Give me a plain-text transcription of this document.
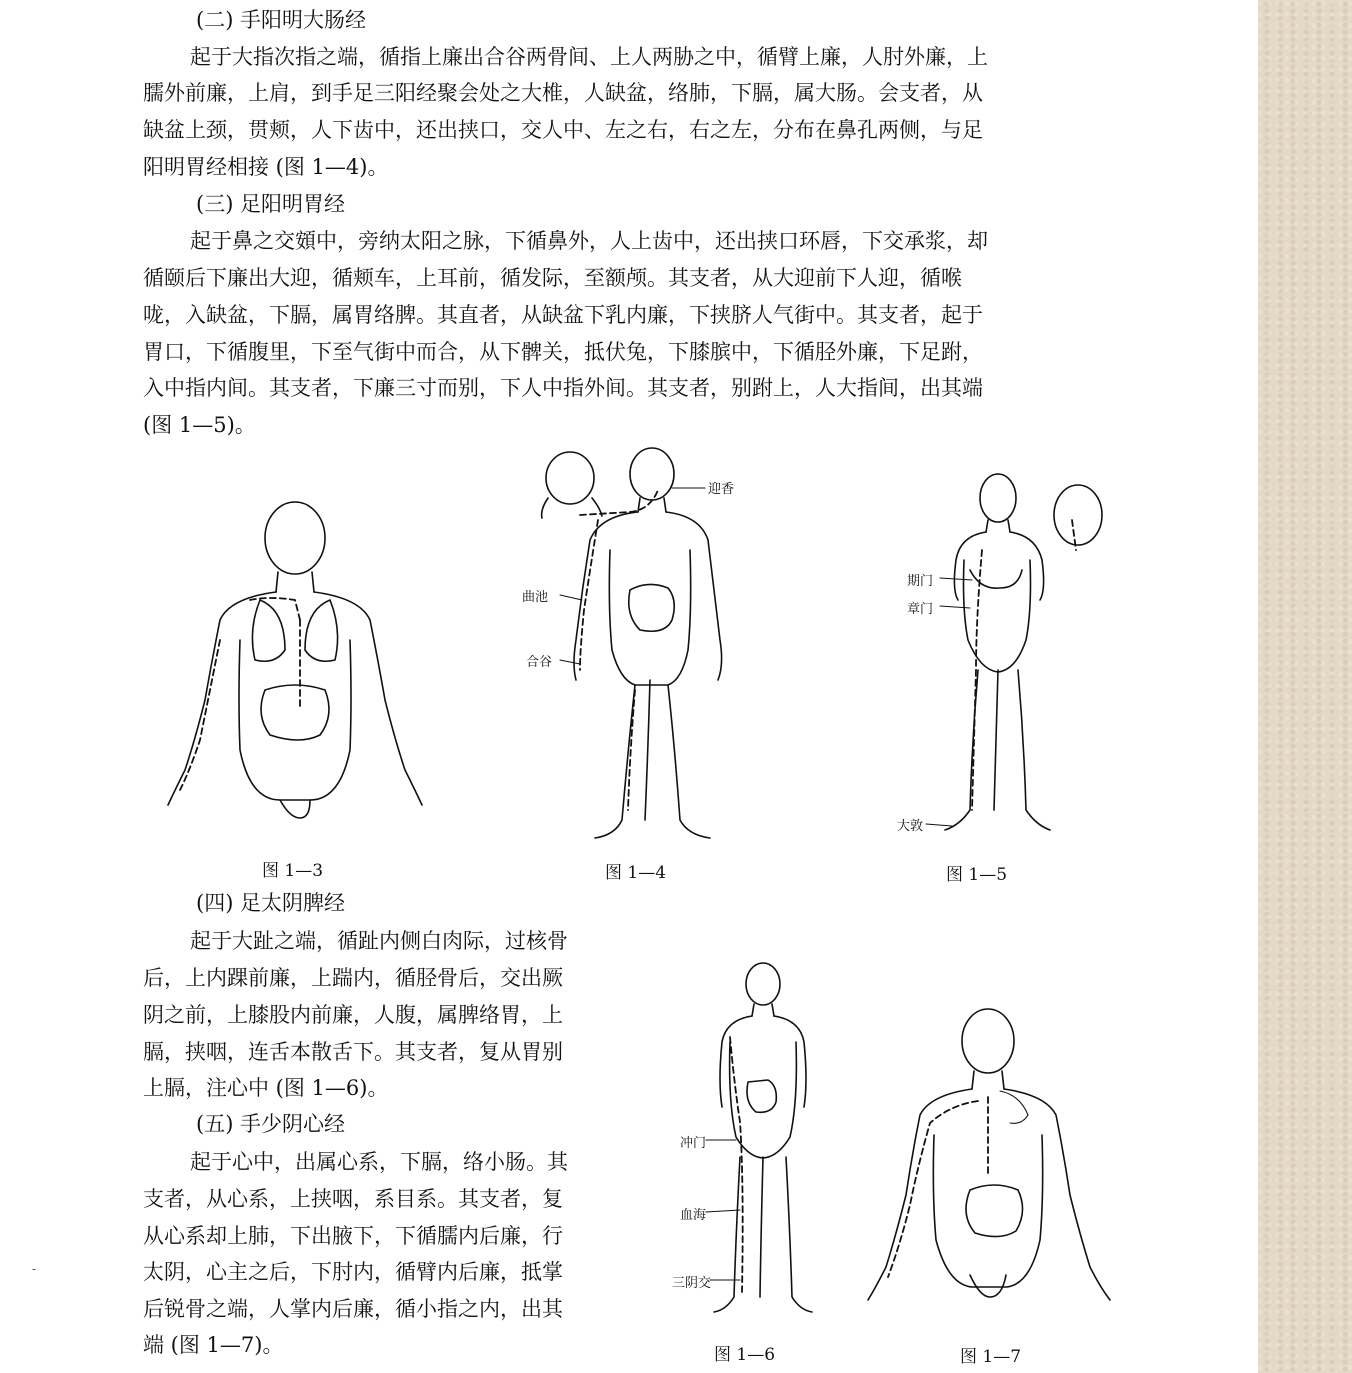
(二) 手阳明大肠经
起于大指次指之端，循指上廉出合谷两骨间、上人两胁之中，循臂上廉，人肘外廉，上
臑外前廉，上肩，到手足三阳经聚会处之大椎，人缺盆，络肺，下膈，属大肠。会支者，从
缺盆上颈，贯颊，人下齿中，还出挟口，交人中、左之右，右之左，分布在鼻孔两侧，与足
阳明胃经相接 (图 1—4)。
(三) 足阳明胃经
起于鼻之交頞中，旁纳太阳之脉，下循鼻外，人上齿中，还出挟口环唇，下交承浆，却
循颐后下廉出大迎，循颊车，上耳前，循发际，至额颅。其支者，从大迎前下人迎，循喉
咙，入缺盆，下膈，属胃络脾。其直者，从缺盆下乳内廉，下挟脐人气街中。其支者，起于
胃口，下循腹里，下至气街中而合，从下髀关，抵伏兔，下膝膑中，下循胫外廉，下足跗，
入中指内间。其支者，下廉三寸而别，下人中指外间。其支者，别跗上，人大指间，出其端
(图 1—5)。
图 1—3
迎香
曲池
合谷
图 1—4
期门
章门
大敦
图 1—5
(四) 足太阴脾经
起于大趾之端，循趾内侧白肉际，过核骨
后，上内踝前廉，上踹内，循胫骨后，交出厥
阴之前，上膝股内前廉，人腹，属脾络胃，上
膈，挟咽，连舌本散舌下。其支者，复从胃别
上膈，注心中 (图 1—6)。
(五) 手少阴心经
起于心中，出属心系，下膈，络小肠。其
支者，从心系，上挟咽，系目系。其支者，复
从心系却上肺，下出腋下，下循臑内后廉，行
太阴，心主之后，下肘内，循臂内后廉，抵掌
后锐骨之端，人掌内后廉，循小指之内，出其
端 (图 1—7)。
冲门
血海
三阴交
图 1—6	图 1—7
-
